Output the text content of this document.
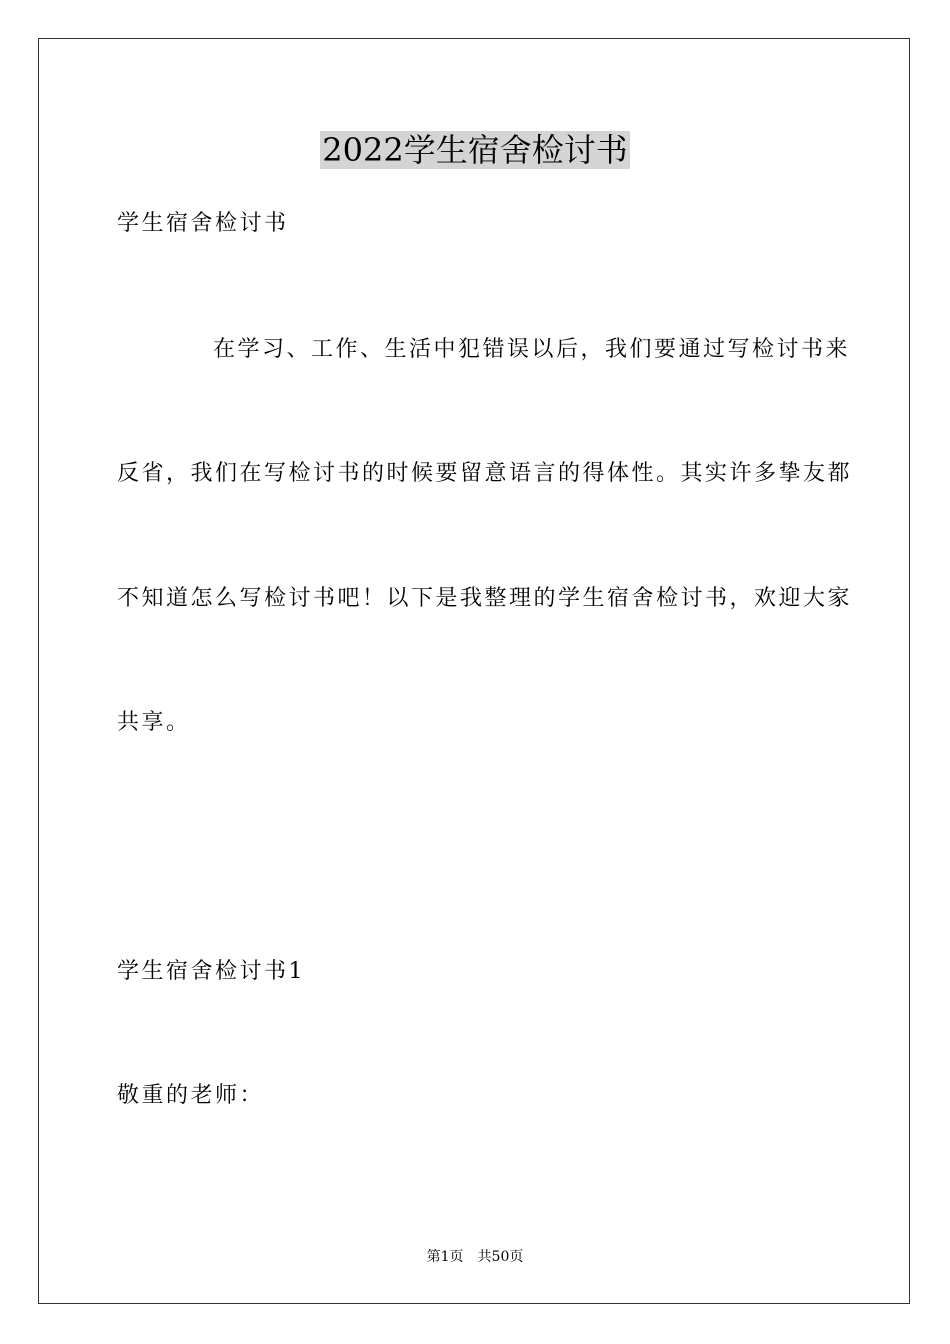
2022学生宿舍检讨书
学生宿舍检讨书
在学习、工作、生活中犯错误以后，我们要通过写检讨书来
反省，我们在写检讨书的时候要留意语言的得体性。其实许多挚友都
不知道怎么写检讨书吧！以下是我整理的学生宿舍检讨书，欢迎大家
共享。
学生宿舍检讨书1
敬重的老师：
第1页 共50页
